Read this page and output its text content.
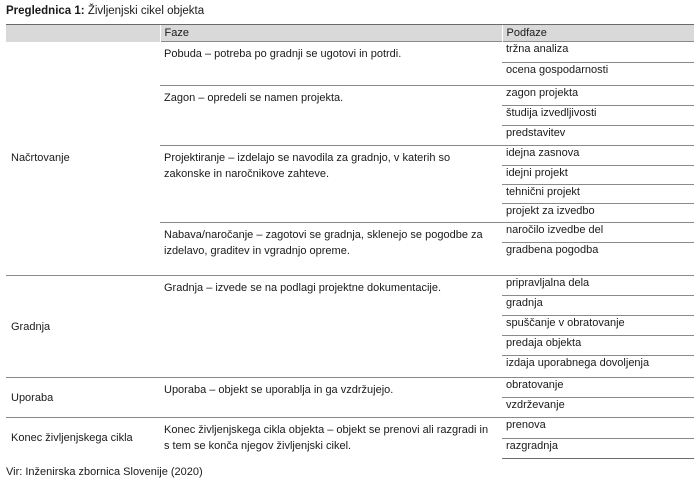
Preglednica 1: Življenjski cikel objekta
	Faze	Podfaze
Načrtovanje	Pobuda – potreba po gradnji se ugotovi in potrdi.	tržna analiza
		ocena gospodarnosti
	Zagon – opredeli se namen projekta.	zagon projekta
		študija izvedljivosti
		predstavitev
	Projektiranje – izdelajo se navodila za gradnjo, v katerih so zakonske in naročnikove zahteve.	idejna zasnova
		idejni projekt
		tehnični projekt
		projekt za izvedbo
	Nabava/naročanje – zagotovi se gradnja, sklenejo se pogodbe za izdelavo, graditev in vgradnjo opreme.	naročilo izvedbe del
		gradbena pogodba
Gradnja	Gradnja – izvede se na podlagi projektne dokumentacije.	pripravljalna dela
		gradnja
		spuščanje v obratovanje
		predaja objekta
		izdaja uporabnega dovoljenja
Uporaba	Uporaba – objekt se uporablja in ga vzdržujejo.	obratovanje
		vzdrževanje
Konec življenjskega cikla	Konec življenjskega cikla objekta – objekt se prenovi ali razgradi in s tem se konča njegov življenjski cikel.	prenova
		razgradnja
Vir: Inženirska zbornica Slovenije (2020)
